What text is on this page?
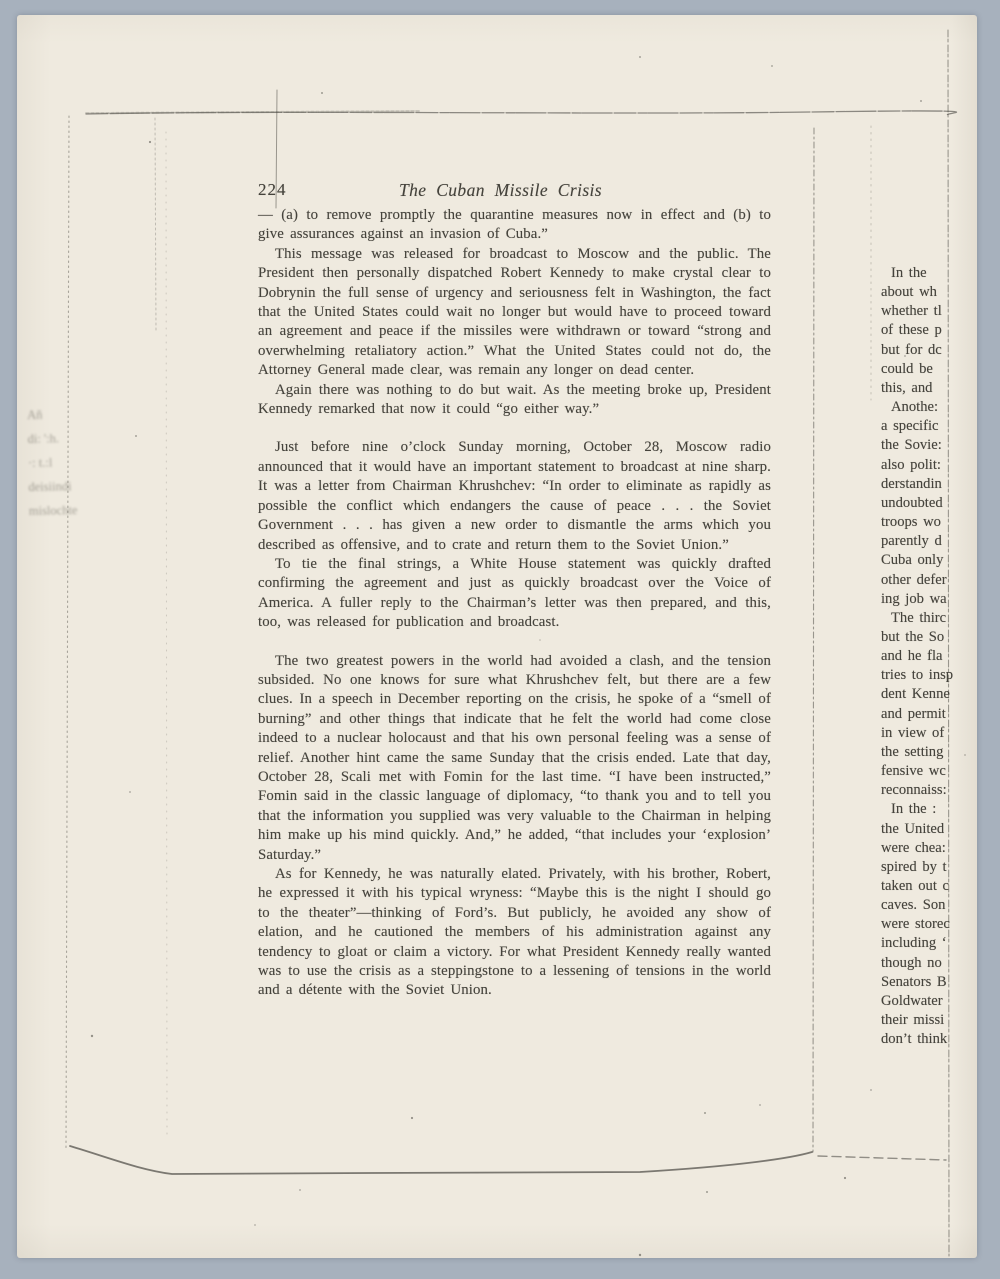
Añ
di: ':h.
·: t.:l
deisiindi
mislochte
224	The Cuban Missile Crisis

— (a) to remove promptly the quarantine measures now in effect and (b) to give assurances against an invasion of Cuba.”

This message was released for broadcast to Moscow and the public. The President then personally dispatched Robert Kennedy to make crystal clear to Dobrynin the full sense of urgency and seriousness felt in Washington, the fact that the United States could wait no longer but would have to proceed toward an agreement and peace if the missiles were withdrawn or toward “strong and overwhelming retaliatory action.” What the United States could not do, the Attorney General made clear, was remain any longer on dead center.

Again there was nothing to do but wait. As the meeting broke up, President Kennedy remarked that now it could “go either way.”

Just before nine o’clock Sunday morning, October 28, Moscow radio announced that it would have an important statement to broadcast at nine sharp. It was a letter from Chairman Khrushchev: “In order to eliminate as rapidly as possible the conflict which endangers the cause of peace . . . the Soviet Government . . . has given a new order to dismantle the arms which you described as offensive, and to crate and return them to the Soviet Union.”

To tie the final strings, a White House statement was quickly drafted confirming the agreement and just as quickly broadcast over the Voice of America. A fuller reply to the Chairman’s letter was then prepared, and this, too, was released for publication and broadcast.

The two greatest powers in the world had avoided a clash, and the tension subsided. No one knows for sure what Khrushchev felt, but there are a few clues. In a speech in December reporting on the crisis, he spoke of a “smell of burning” and other things that indicate that he felt the world had come close indeed to a nuclear holocaust and that his own personal feeling was a sense of relief. Another hint came the same Sunday that the crisis ended. Late that day, October 28, Scali met with Fomin for the last time. “I have been instructed,” Fomin said in the classic language of diplomacy, “to thank you and to tell you that the information you supplied was very valuable to the Chairman in helping him make up his mind quickly. And,” he added, “that includes your ‘explosion’ Saturday.”

As for Kennedy, he was naturally elated. Privately, with his brother, Robert, he expressed it with his typical wryness: “Maybe this is the night I should go to the theater”—thinking of Ford’s. But publicly, he avoided any show of elation, and he cautioned the members of his administration against any tendency to gloat or claim a victory. For what President Kennedy really wanted was to use the crisis as a steppingstone to a lessening of tensions in the world and a détente with the Soviet Union.

In the
about wh
whether tl
of these p
but for dc
could be
this, and
Anothe:
a specific
the Sovie:
also polit:
derstandin
undoubted
troops wo
parently d
Cuba only
other defer
ing job wa
The thirc
but the So
and he fla
tries to insp
dent Kenne
and permit
in view of
the setting
fensive wc
reconnaiss:
In the :
the United
were chea:
spired by t
taken out c
caves. Son
were storec
including ‘
though no
Senators B
Goldwater
their missi
don’t think
